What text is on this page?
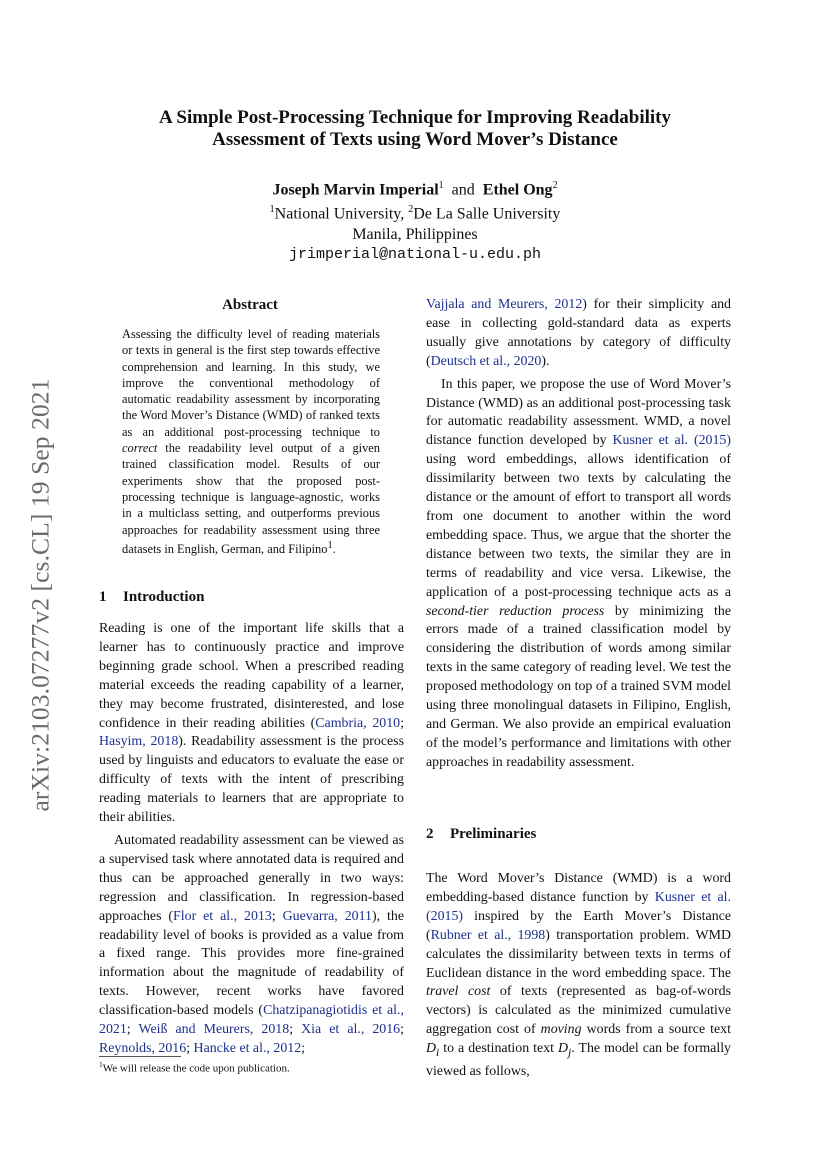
arXiv:2103.07277v2 [cs.CL] 19 Sep 2021
A Simple Post-Processing Technique for Improving Readability
Assessment of Texts using Word Mover’s Distance
Joseph Marvin Imperial$^1$ and Ethel Ong$^2$
$^1$National University, $^2$De La Salle University
Manila, Philippines
jrimperial@national-u.edu.ph
Abstract
Assessing the difficulty level of reading materials or texts in general is the first step towards effective comprehension and learning. In this study, we improve the conventional methodology of automatic readability assessment by incorporating the Word Mover’s Distance (WMD) of ranked texts as an additional post-processing technique to correct the readability level output of a given trained classification model. Results of our experiments show that the proposed post-processing technique is language-agnostic, works in a multiclass setting, and outperforms previous approaches for readability assessment using three datasets in English, German, and Filipino$^1$.
1 Introduction

Reading is one of the important life skills that a learner has to continuously practice and improve beginning grade school. When a prescribed reading material exceeds the reading capability of a learner, they may become frustrated, disinterested, and lose confidence in their reading abilities (Cambria, 2010; Hasyim, 2018). Readability assessment is the process used by linguists and educators to evaluate the ease or difficulty of texts with the intent of prescribing reading materials to learners that are appropriate to their abilities.

Automated readability assessment can be viewed as a supervised task where annotated data is required and thus can be approached generally in two ways: regression and classification. In regression-based approaches (Flor et al., 2013; Guevarra, 2011), the readability level of books is provided as a value from a fixed range. This provides more fine-grained information about the magnitude of readability of texts. However, recent works have favored classification-based models (Chatzipanagiotidis et al., 2021; Weiß and Meurers, 2018; Xia et al., 2016; Reynolds, 2016; Hancke et al., 2012;

Vajjala and Meurers, 2012) for their simplicity and ease in collecting gold-standard data as experts usually give annotations by category of difficulty (Deutsch et al., 2020).

In this paper, we propose the use of Word Mover’s Distance (WMD) as an additional post-processing task for automatic readability assessment. WMD, a novel distance function developed by Kusner et al. (2015) using word embeddings, allows identification of dissimilarity between two texts by calculating the distance or the amount of effort to transport all words from one document to another within the word embedding space. Thus, we argue that the shorter the distance between two texts, the similar they are in terms of readability and vice versa. Likewise, the application of a post-processing technique acts as a second-tier reduction process by minimizing the errors made of a trained classification model by considering the distribution of words among similar texts in the same category of reading level. We test the proposed methodology on top of a trained SVM model using three monolingual datasets in Filipino, English, and German. We also provide an empirical evaluation of the model’s performance and limitations with other approaches in readability assessment.

2 Preliminaries

The Word Mover’s Distance (WMD) is a word embedding-based distance function by Kusner et al. (2015) inspired by the Earth Mover’s Distance (Rubner et al., 1998) transportation problem. WMD calculates the dissimilarity between texts in terms of Euclidean distance in the word embedding space. The travel cost of texts (represented as bag-of-words vectors) is calculated as the minimized cumulative aggregation cost of moving words from a source text $D_i$ to a destination text $D_j$. The model can be formally viewed as follows,

$^1$We will release the code upon publication.
